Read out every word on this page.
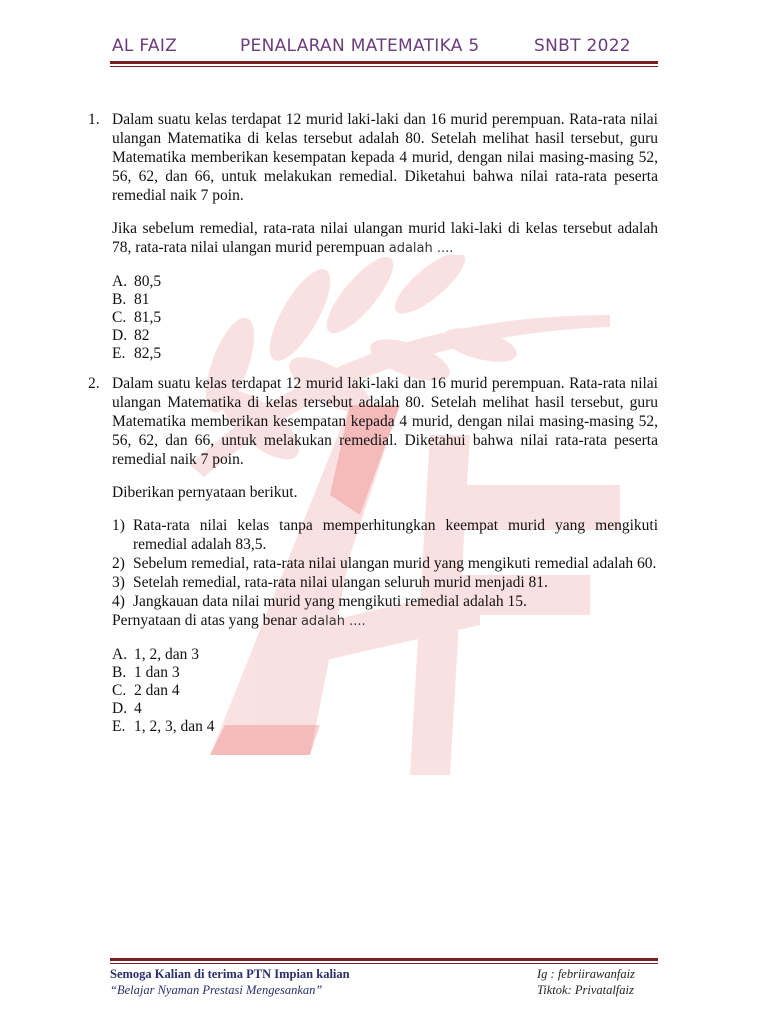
AL FAIZ	PENALARAN MATEMATIKA 5	SNBT 2022
1. Dalam suatu kelas terdapat 12 murid laki-laki dan 16 murid perempuan. Rata-rata nilai ulangan Matematika di kelas tersebut adalah 80. Setelah melihat hasil tersebut, guru Matematika memberikan kesempatan kepada 4 murid, dengan nilai masing-masing 52, 56, 62, dan 66, untuk melakukan remedial. Diketahui bahwa nilai rata-rata peserta remedial naik 7 poin.

Jika sebelum remedial, rata-rata nilai ulangan murid laki-laki di kelas tersebut adalah 78, rata-rata nilai ulangan murid perempuan adalah ....

A. 80,5
B. 81
C. 81,5
D. 82
E. 82,5
2. Dalam suatu kelas terdapat 12 murid laki-laki dan 16 murid perempuan. Rata-rata nilai ulangan Matematika di kelas tersebut adalah 80. Setelah melihat hasil tersebut, guru Matematika memberikan kesempatan kepada 4 murid, dengan nilai masing-masing 52, 56, 62, dan 66, untuk melakukan remedial. Diketahui bahwa nilai rata-rata peserta remedial naik 7 poin.

Diberikan pernyataan berikut.

1) Rata-rata nilai kelas tanpa memperhitungkan keempat murid yang mengikuti remedial adalah 83,5.
2) Sebelum remedial, rata-rata nilai ulangan murid yang mengikuti remedial adalah 60.
3) Setelah remedial, rata-rata nilai ulangan seluruh murid menjadi 81.
4) Jangkauan data nilai murid yang mengikuti remedial adalah 15.

Pernyataan di atas yang benar adalah ....

A. 1, 2, dan 3
B. 1 dan 3
C. 2 dan 4
D. 4
E. 1, 2, 3, dan 4
Semoga Kalian di terima PTN Impian kalian
“Belajar Nyaman Prestasi Mengesankan”
Ig : febriirawanfaiz
Tiktok: Privatalfaiz
